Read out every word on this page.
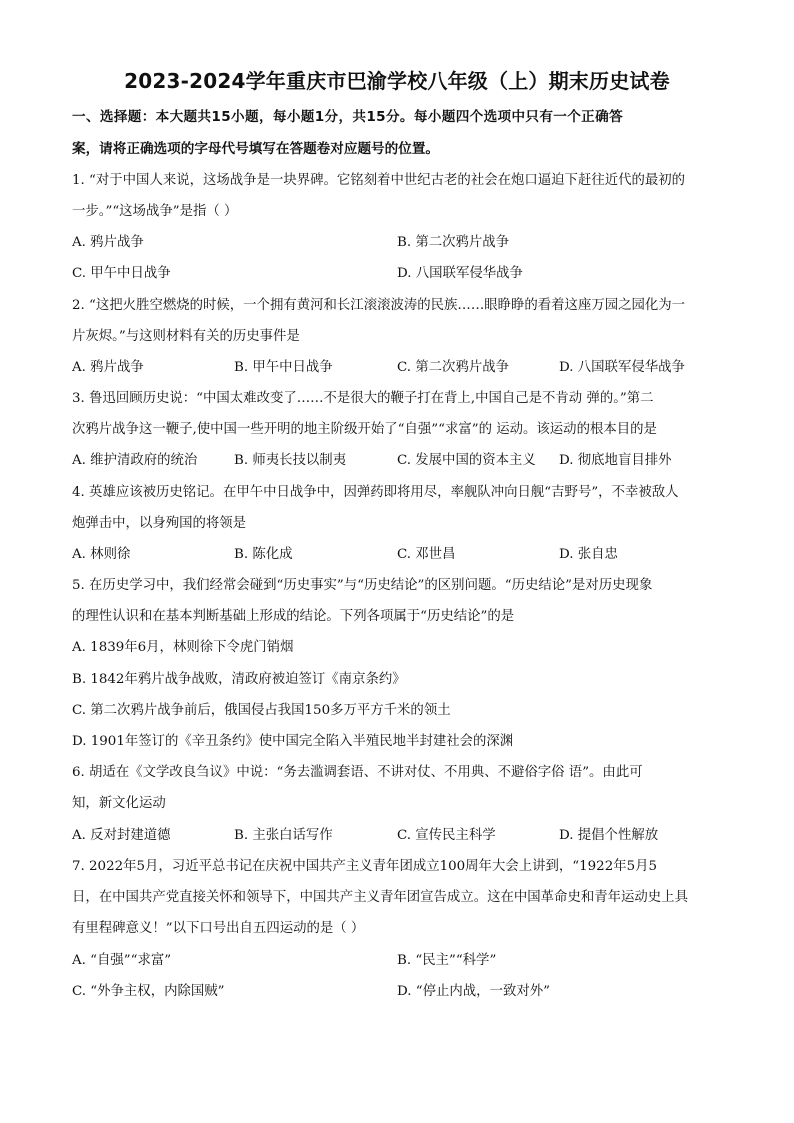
2023-2024学年重庆市巴渝学校八年级（上）期末历史试卷
一、选择题：本大题共15小题，每小题1分，共15分。每小题四个选项中只有一个正确答
案，请将正确选项的字母代号填写在答题卷对应题号的位置。
1. “对于中国人来说，这场战争是一块界碑。它铭刻着中世纪古老的社会在炮口逼迫下赶往近代的最初的
一步。”“这场战争”是指（ ）
A. 鸦片战争	B. 第二次鸦片战争
C. 甲午中日战争	D. 八国联军侵华战争
2. “这把火胜空燃烧的时候，一个拥有黄河和长江滚滚波涛的民族……眼睁睁的看着这座万园之园化为一
片灰烬。”与这则材料有关的历史事件是
A. 鸦片战争	B. 甲午中日战争	C. 第二次鸦片战争	D. 八国联军侵华战争
3. 鲁迅回顾历史说：“中国太难改变了……不是很大的鞭子打在背上,中国自己是不肯动 弹的。”第二
次鸦片战争这一鞭子,使中国一些开明的地主阶级开始了“自强”“求富”的 运动。该运动的根本目的是
A. 维护清政府的统治	B. 师夷长技以制夷	C. 发展中国的资本主义 D. 彻底地盲目排外
4. 英雄应该被历史铭记。在甲午中日战争中，因弹药即将用尽，率舰队冲向日舰“吉野号”，不幸被敌人
炮弹击中，以身殉国的将领是
A. 林则徐	B. 陈化成	C. 邓世昌	D. 张自忠
5. 在历史学习中，我们经常会碰到“历史事实”与“历史结论”的区别问题。“历史结论”是对历史现象
的理性认识和在基本判断基础上形成的结论。下列各项属于“历史结论”的是
A. 1839年6月，林则徐下令虎门销烟
B. 1842年鸦片战争战败，清政府被迫签订《南京条约》
C. 第二次鸦片战争前后，俄国侵占我国150多万平方千米的领土
D. 1901年签订的《辛丑条约》使中国完全陷入半殖民地半封建社会的深渊
6. 胡适在《文学改良刍议》中说：“务去滥调套语、不讲对仗、不用典、不避俗字俗 语”。由此可
知，新文化运动
A. 反对封建道德	B. 主张白话写作	C. 宣传民主科学	D. 提倡个性解放
7. 2022年5月，习近平总书记在庆祝中国共产主义青年团成立100周年大会上讲到，“1922年5月5
日，在中国共产党直接关怀和领导下，中国共产主义青年团宣告成立。这在中国革命史和青年运动史上具
有里程碑意义！”以下口号出自五四运动的是（ ）
A. “自强”“求富”	B. “民主”“科学”
C. “外争主权，内除国贼”	D. “停止内战，一致对外”
